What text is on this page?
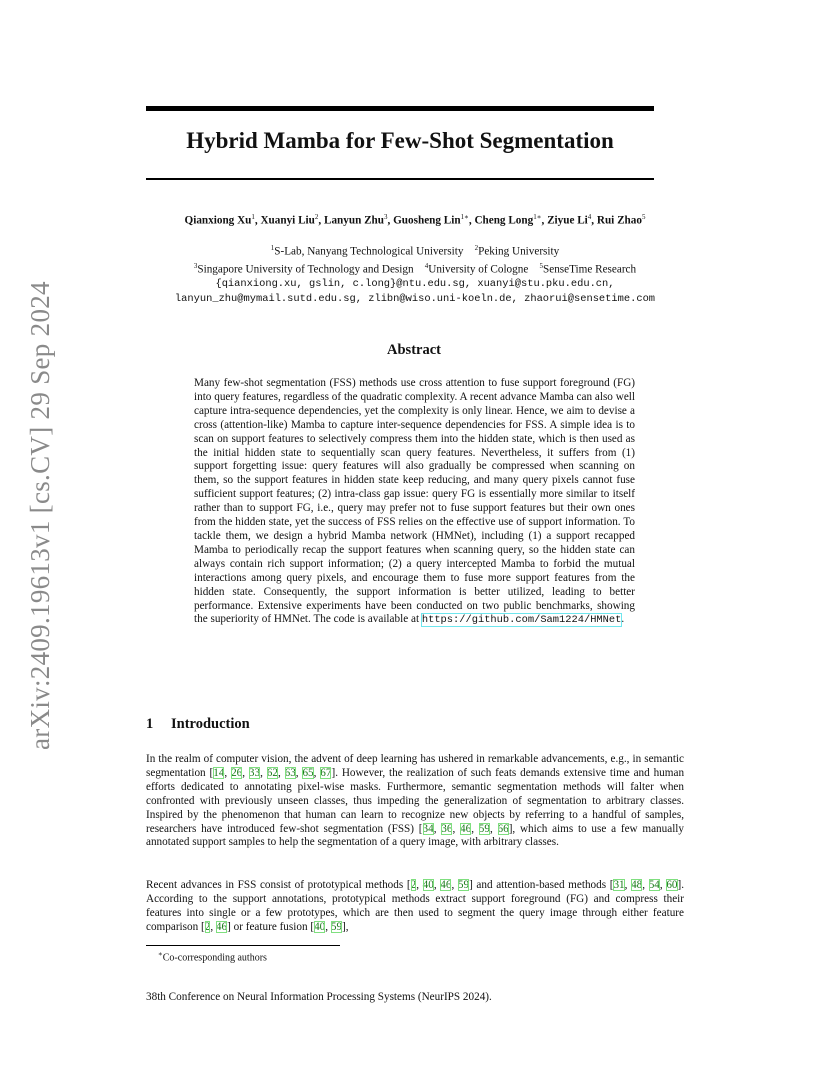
arXiv:2409.19613v1 [cs.CV] 29 Sep 2024
Hybrid Mamba for Few-Shot Segmentation
Qianxiong Xu$^1$, Xuanyi Liu$^2$, Lanyun Zhu$^3$, Guosheng Lin$^{1∗}$, Cheng Long$^{1∗}$, Ziyue Li$^4$, Rui Zhao$^5$
$^1$S-Lab, Nanyang Technological University  $^2$Peking University
$^3$Singapore University of Technology and Design  $^4$University of Cologne  $^5$SenseTime Research
{qianxiong.xu, gslin, c.long}@ntu.edu.sg, xuanyi@stu.pku.edu.cn,
lanyun_zhu@mymail.sutd.edu.sg, zlibn@wiso.uni-koeln.de, zhaorui@sensetime.com
Abstract

Many few-shot segmentation (FSS) methods use cross attention to fuse support foreground (FG) into query features, regardless of the quadratic complexity. A recent advance Mamba can also well capture intra-sequence dependencies, yet the complexity is only linear. Hence, we aim to devise a cross (attention-like) Mamba to capture inter-sequence dependencies for FSS. A simple idea is to scan on support features to selectively compress them into the hidden state, which is then used as the initial hidden state to sequentially scan query features. Nevertheless, it suffers from (1) support forgetting issue: query features will also gradually be compressed when scanning on them, so the support features in hidden state keep reducing, and many query pixels cannot fuse sufficient support features; (2) intra-class gap issue: query FG is essentially more similar to itself rather than to support FG, i.e., query may prefer not to fuse support features but their own ones from the hidden state, yet the success of FSS relies on the effective use of support information. To tackle them, we design a hybrid Mamba network (HMNet), including (1) a support recapped Mamba to periodically recap the support features when scanning query, so the hidden state can always contain rich support information; (2) a query intercepted Mamba to forbid the mutual interactions among query pixels, and encourage them to fuse more support features from the hidden state. Consequently, the support information is better utilized, leading to better performance. Extensive experiments have been conducted on two public benchmarks, showing the superiority of HMNet. The code is available at https://github.com/Sam1224/HMNet.

1 Introduction

In the realm of computer vision, the advent of deep learning has ushered in remarkable advancements, e.g., in semantic segmentation [14, 26, 33, 62, 63, 65, 67]. However, the realization of such feats demands extensive time and human efforts dedicated to annotating pixel-wise masks. Furthermore, semantic segmentation methods will falter when confronted with previously unseen classes, thus impeding the generalization of segmentation to arbitrary classes. Inspired by the phenomenon that human can learn to recognize new objects by referring to a handful of samples, researchers have introduced few-shot segmentation (FSS) [34, 36, 46, 59, 66], which aims to use a few manually annotated support samples to help the segmentation of a query image, with arbitrary classes.

Recent advances in FSS consist of prototypical methods [2, 40, 46, 59] and attention-based methods [31, 48, 54, 60]. According to the support annotations, prototypical methods extract support foreground (FG) and compress their features into single or a few prototypes, which are then used to segment the query image through either feature comparison [2, 46] or feature fusion [40, 59],

∗Co-corresponding authors
38th Conference on Neural Information Processing Systems (NeurIPS 2024).
